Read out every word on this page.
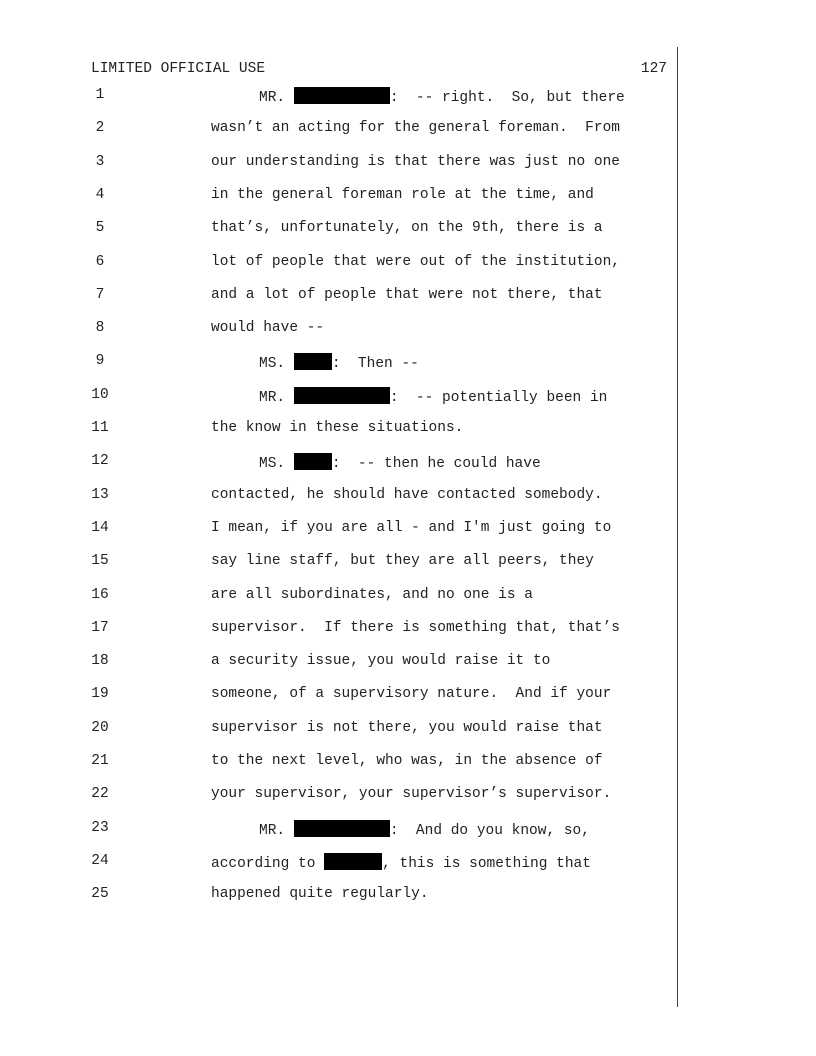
LIMITED OFFICIAL USE	127
1	MR.	:  -- right.  So, but there
2	wasn’t an acting for the general foreman.  From
3	our understanding is that there was just no one
4	in the general foreman role at the time, and
5	that’s, unfortunately, on the 9th, there is a
6	lot of people that were out of the institution,
7	and a lot of people that were not there, that
8	would have --
9	MS.	:  Then --
10	MR.	:  -- potentially been in
11	the know in these situations.
12	MS.	:  -- then he could have
13	contacted, he should have contacted somebody.
14	I mean, if you are all - and I'm just going to
15	say line staff, but they are all peers, they
16	are all subordinates, and no one is a
17	supervisor.  If there is something that, that’s
18	a security issue, you would raise it to
19	someone, of a supervisory nature.  And if your
20	supervisor is not there, you would raise that
21	to the next level, who was, in the absence of
22	your supervisor, your supervisor’s supervisor.
23	MR.	:  And do you know, so,
24	according to	, this is something that
25	happened quite regularly.
